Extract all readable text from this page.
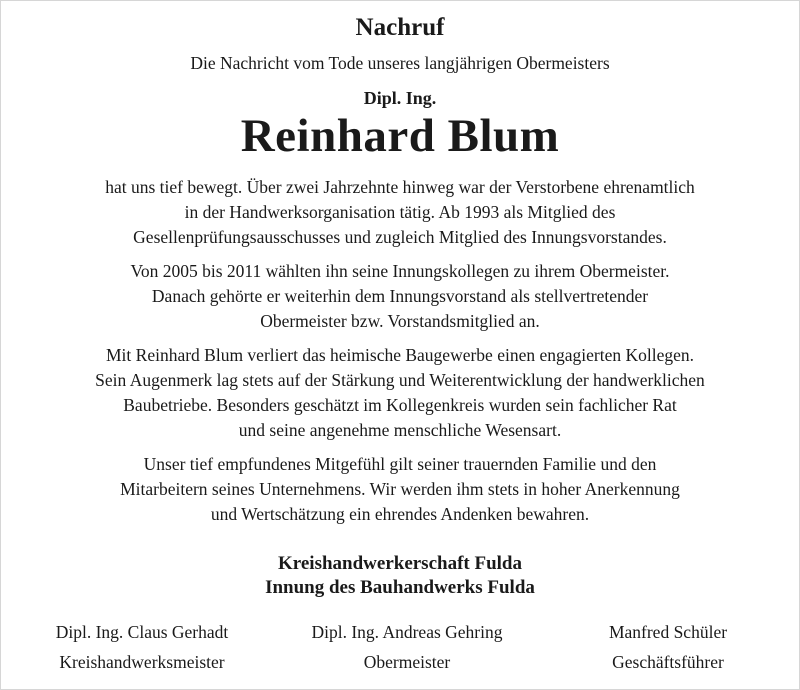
Nachruf
Die Nachricht vom Tode unseres langjährigen Obermeisters
Dipl. Ing.
Reinhard Blum
hat uns tief bewegt. Über zwei Jahrzehnte hinweg war der Verstorbene ehrenamtlich
in der Handwerksorganisation tätig. Ab 1993 als Mitglied des
Gesellenprüfungsausschusses und zugleich Mitglied des Innungsvorstandes.
Von 2005 bis 2011 wählten ihn seine Innungskollegen zu ihrem Obermeister.
Danach gehörte er weiterhin dem Innungsvorstand als stellvertretender
Obermeister bzw. Vorstandsmitglied an.
Mit Reinhard Blum verliert das heimische Baugewerbe einen engagierten Kollegen.
Sein Augenmerk lag stets auf der Stärkung und Weiterentwicklung der handwerklichen
Baubetriebe. Besonders geschätzt im Kollegenkreis wurden sein fachlicher Rat
und seine angenehme menschliche Wesensart.
Unser tief empfundenes Mitgefühl gilt seiner trauernden Familie und den
Mitarbeitern seines Unternehmens. Wir werden ihm stets in hoher Anerkennung
und Wertschätzung ein ehrendes Andenken bewahren.
Kreishandwerkerschaft Fulda
Innung des Bauhandwerks Fulda
Dipl. Ing. Claus Gerhadt
Kreishandwerksmeister
Dipl. Ing. Andreas Gehring
Obermeister
Manfred Schüler
Geschäftsführer
